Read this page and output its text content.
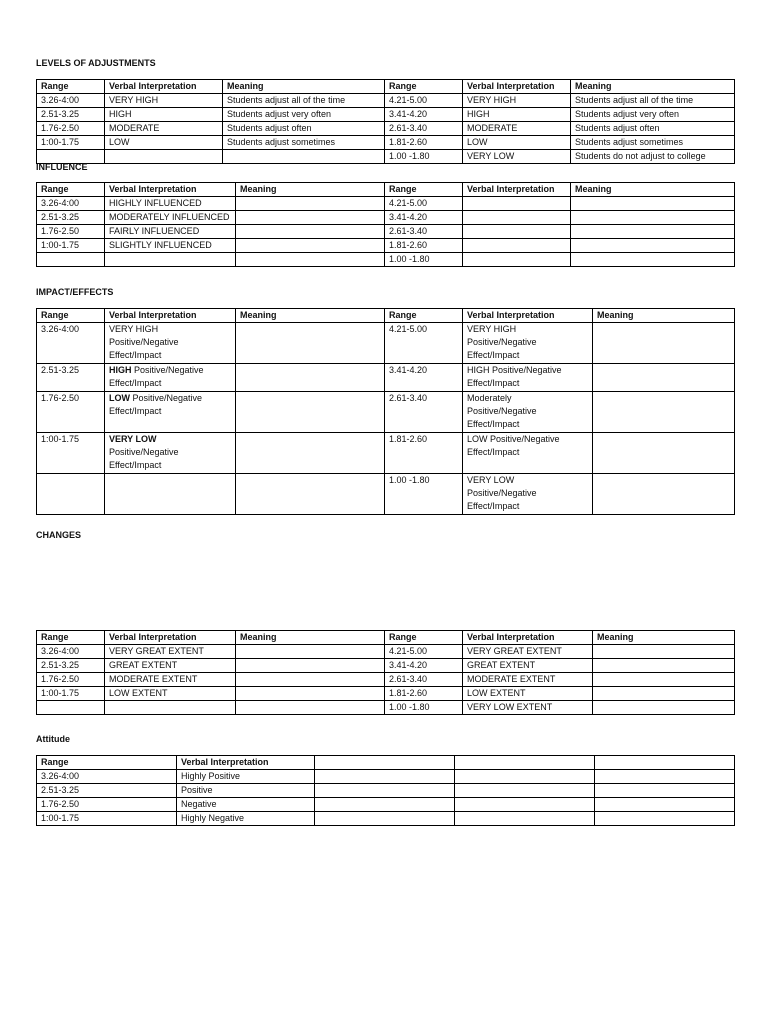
LEVELS OF ADJUSTMENTS
Range	Verbal Interpretation	Meaning	Range	Verbal Interpretation	Meaning
3.26-4:00	VERY HIGH	Students adjust all of the time	4.21-5.00	VERY HIGH	Students adjust all of the time
2.51-3.25	HIGH	Students adjust very often	3.41-4.20	HIGH	Students adjust very often
1.76-2.50	MODERATE	Students adjust often	2.61-3.40	MODERATE	Students adjust often
1:00-1.75	LOW	Students adjust sometimes	1.81-2.60	LOW	Students adjust sometimes
			1.00 -1.80	VERY LOW	Students do not adjust to college
INFLUENCE
Range	Verbal Interpretation	Meaning	Range	Verbal Interpretation	Meaning
3.26-4:00	HIGHLY INFLUENCED		4.21-5.00		
2.51-3.25	MODERATELY INFLUENCED		3.41-4.20		
1.76-2.50	FAIRLY INFLUENCED		2.61-3.40		
1:00-1.75	SLIGHTLY INFLUENCED		1.81-2.60		
			1.00 -1.80		
IMPACT/EFFECTS
Range	Verbal Interpretation	Meaning	Range	Verbal Interpretation	Meaning
3.26-4:00	VERY HIGH
Positive/Negative
Effect/Impact		4.21-5.00	VERY HIGH
Positive/Negative
Effect/Impact	
2.51-3.25	HIGH Positive/Negative
Effect/Impact		3.41-4.20	HIGH Positive/Negative
Effect/Impact	
1.76-2.50	LOW Positive/Negative
Effect/Impact		2.61-3.40	Moderately
Positive/Negative
Effect/Impact	
1:00-1.75	VERY LOW
Positive/Negative
Effect/Impact		1.81-2.60	LOW Positive/Negative
Effect/Impact	
			1.00 -1.80	VERY LOW
Positive/Negative
Effect/Impact	
CHANGES
Range	Verbal Interpretation	Meaning	Range	Verbal Interpretation	Meaning
3.26-4:00	VERY GREAT EXTENT		4.21-5.00	VERY GREAT EXTENT	
2.51-3.25	GREAT EXTENT		3.41-4.20	GREAT EXTENT	
1.76-2.50	MODERATE EXTENT		2.61-3.40	MODERATE EXTENT	
1:00-1.75	LOW EXTENT		1.81-2.60	LOW EXTENT	
			1.00 -1.80	VERY LOW EXTENT	
Attitude
Range	Verbal Interpretation			
3.26-4:00	Highly Positive			
2.51-3.25	Positive			
1.76-2.50	Negative			
1:00-1.75	Highly Negative			
